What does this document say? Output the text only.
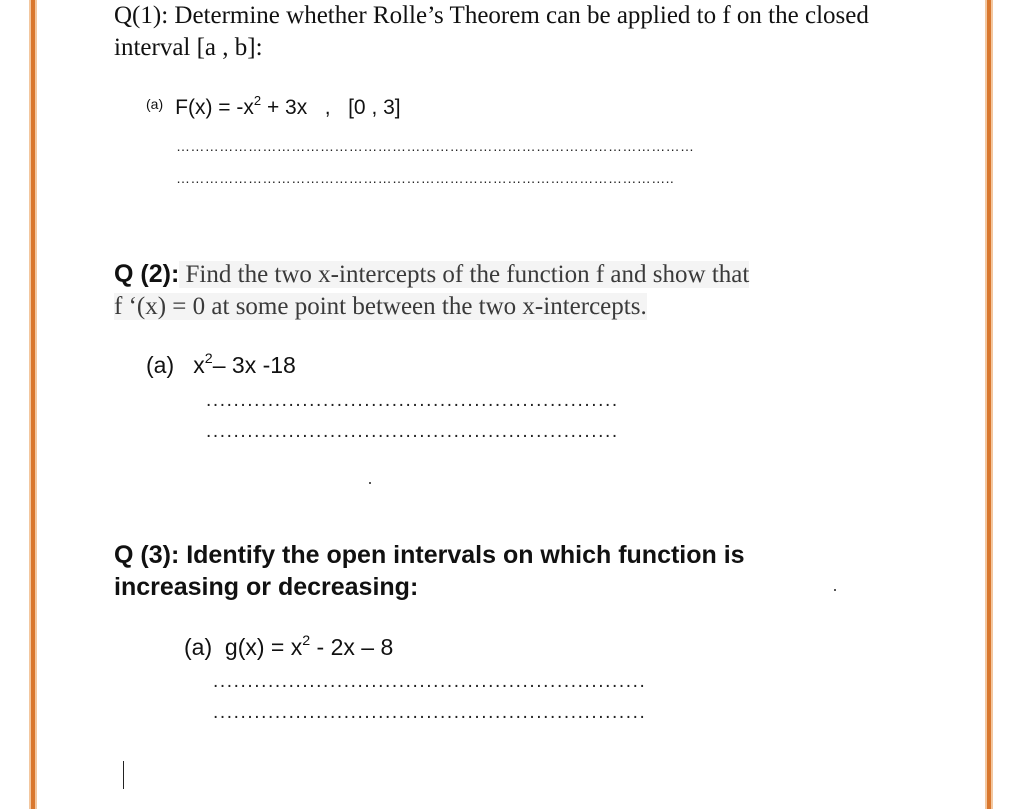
Q(1): Determine whether Rolle’s Theorem can be applied to f on the closed interval [a , b]:
$^{(a)}$ $F(x) = -x^2 + 3x$   ,   [0 , 3]
………………………………………………………………………………………………
…………………………………………………………………………………………..
Q (2): Find the two x-intercepts of the function f and show that
f ‘(x) = 0 at some point between the two x-intercepts.
(a) $x^2-$ 3x -18
............................................................
............................................................
Q (3): Identify the open intervals on which function is increasing or decreasing:
(a) $g(x) = x^2 - 2x - 8$
...............................................................
...............................................................
